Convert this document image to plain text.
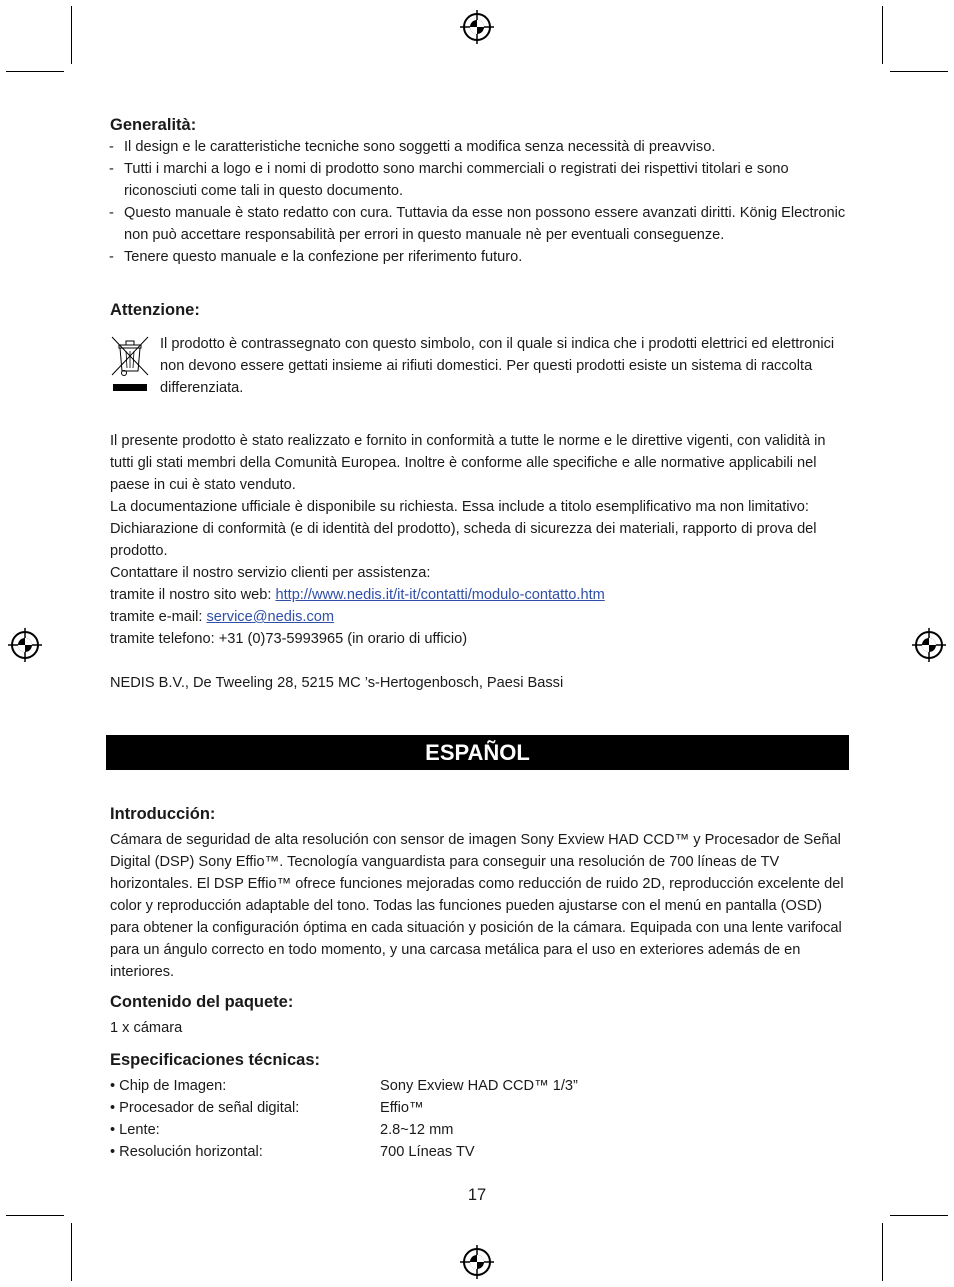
Generalità:

- Il design e le caratteristiche tecniche sono soggetti a modifica senza necessità di preavviso.

- Tutti i marchi a logo e i nomi di prodotto sono marchi commerciali o registrati dei rispettivi titolari e sono riconosciuti come tali in questo documento.

- Questo manuale è stato redatto con cura. Tuttavia da esse non possono essere avanzati diritti. König Electronic non può accettare responsabilità per errori in questo manuale nè per eventuali conseguenze.

- Tenere questo manuale e la confezione per riferimento futuro.

Attenzione:

Il prodotto è contrassegnato con questo simbolo, con il quale si indica che i prodotti elettrici ed elettronici non devono essere gettati insieme ai rifiuti domestici. Per questi prodotti esiste un sistema di raccolta differenziata.

Il presente prodotto è stato realizzato e fornito in conformità a tutte le norme e le direttive vigenti, con validità in tutti gli stati membri della Comunità Europea. Inoltre è conforme alle specifiche e alle normative applicabili nel paese in cui è stato venduto.

La documentazione ufficiale è disponibile su richiesta. Essa include a titolo esemplificativo ma non limitativo: Dichiarazione di conformità (e di identità del prodotto), scheda di sicurezza dei materiali, rapporto di prova del prodotto.

Contattare il nostro servizio clienti per assistenza:

tramite il nostro sito web: http://www.nedis.it/it-it/contatti/modulo-contatto.htm

tramite e-mail: service@nedis.com

tramite telefono: +31 (0)73-5993965 (in orario di ufficio)

NEDIS B.V., De Tweeling 28, 5215 MC ’s-Hertogenbosch, Paesi Bassi

ESPAÑOL
Introducción:

Cámara de seguridad de alta resolución con sensor de imagen Sony Exview HAD CCD™ y Procesador de Señal Digital (DSP) Sony Effio™. Tecnología vanguardista para conseguir una resolución de 700 líneas de TV horizontales. El DSP Effio™ ofrece funciones mejoradas como reducción de ruido 2D, reproducción excelente del color y reproducción adaptable del tono. Todas las funciones pueden ajustarse con el menú en pantalla (OSD) para obtener la configuración óptima en cada situación y posición de la cámara. Equipada con una lente varifocal para un ángulo correcto en todo momento, y una carcasa metálica para el uso en exteriores además de en interiores.

Contenido del paquete:

1 x cámara

Especificaciones técnicas:
• Chip de Imagen:	Sony Exview HAD CCD™ 1/3”
• Procesador de señal digital:	Effio™
• Lente:	2.8~12 mm
• Resolución horizontal:	700 Líneas TV
17
